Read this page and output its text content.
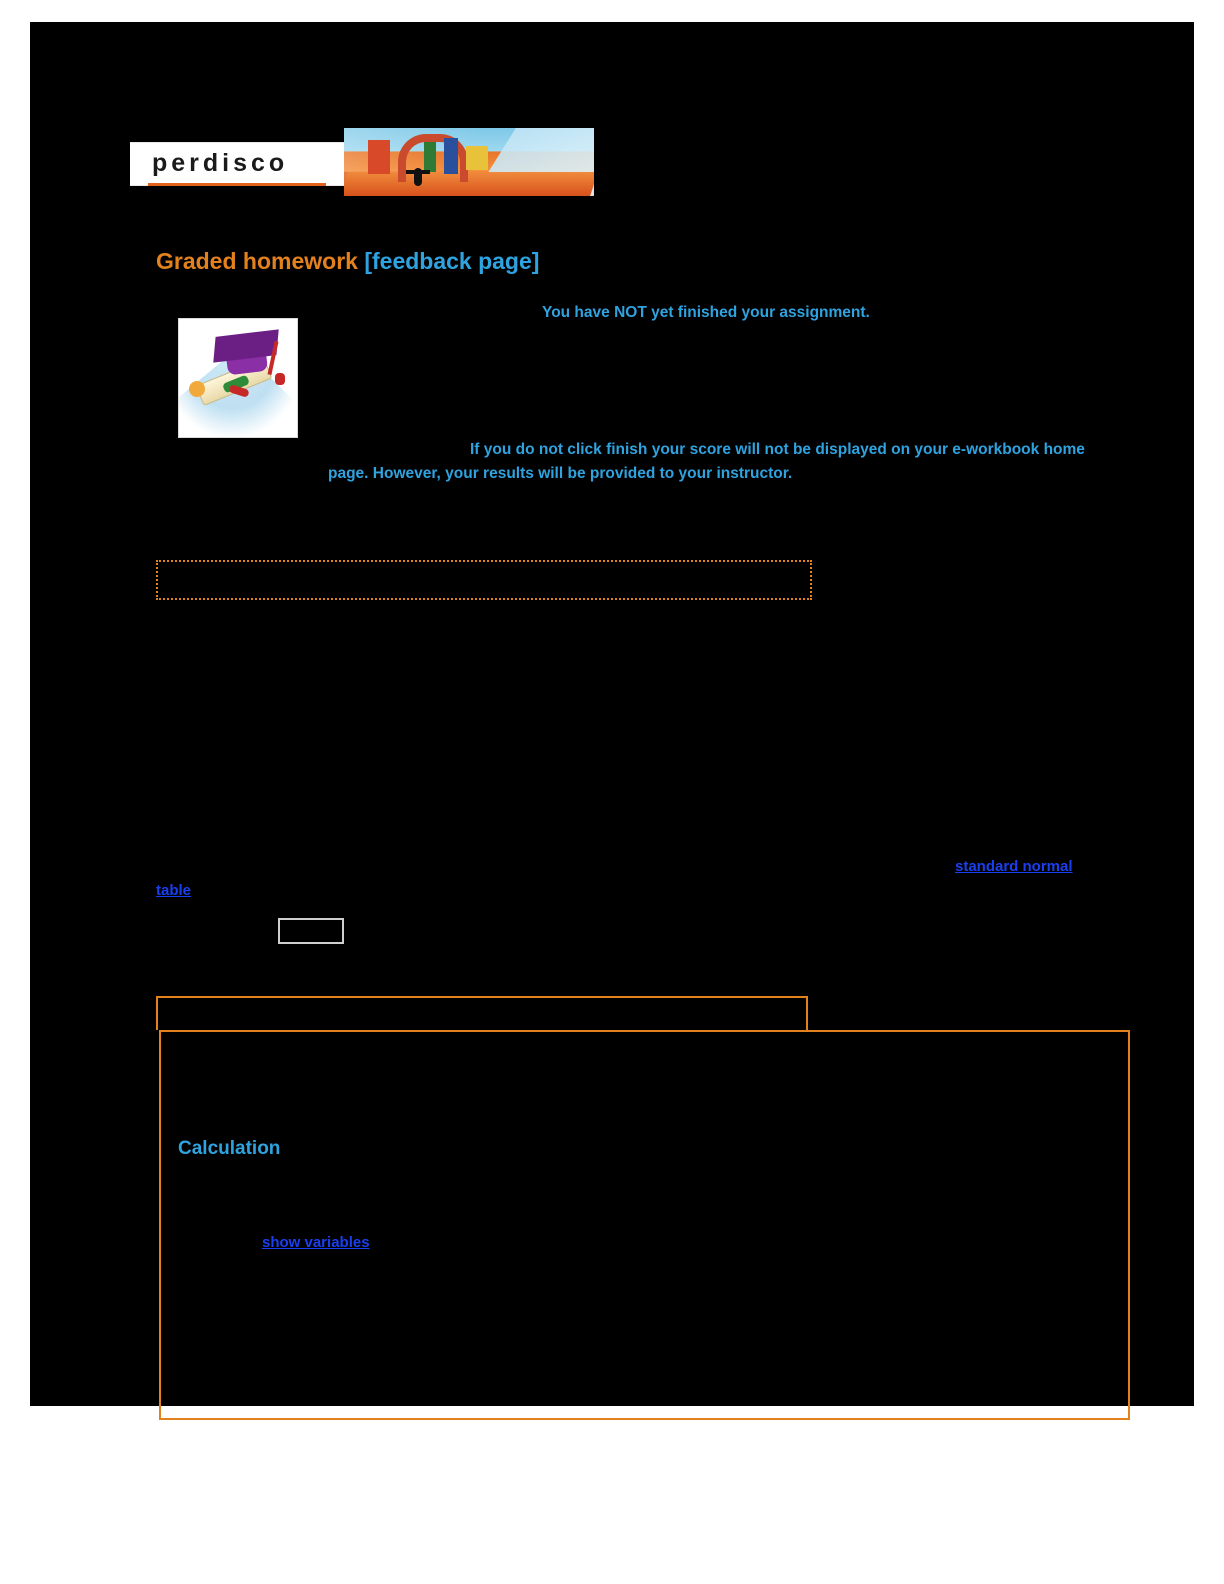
perdisco
Graded homework [feedback page]
You have NOT yet finished your assignment.
If you do not click finish your score will not be displayed on your e-workbook home page. However, your results will be provided to your instructor.
standard normal
table
Calculation
show variables
